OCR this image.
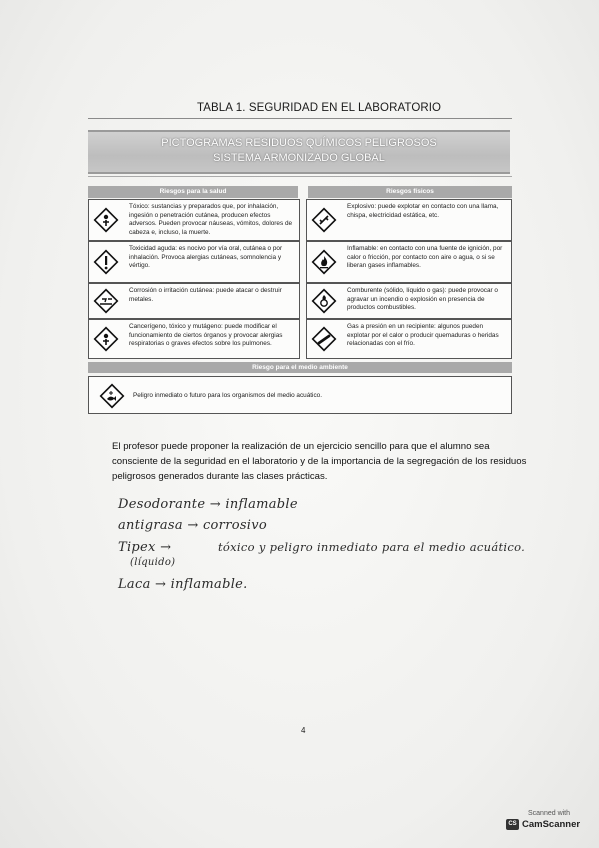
TABLA 1. SEGURIDAD EN EL LABORATORIO
PICTOGRAMAS RESIDUOS QUÍMICOS PELIGROSOS
SISTEMA ARMONIZADO GLOBAL
Riesgos para la salud	Riesgos físicos
Tóxico: sustancias y preparados que, por inhalación, ingesión o penetración cutánea, producen efectos adversos. Pueden provocar náuseas, vómitos, dolores de cabeza e, incluso, la muerte.
Toxicidad aguda: es nocivo por vía oral, cutánea o por inhalación. Provoca alergias cutáneas, somnolencia y vértigo.
Corrosión o irritación cutánea: puede atacar o destruir metales.
Cancerígeno, tóxico y mutágeno: puede modificar el funcionamiento de ciertos órganos y provocar alergias respiratorias o graves efectos sobre los pulmones.
Explosivo: puede explotar en contacto con una llama, chispa, electricidad estática, etc.
Inflamable: en contacto con una fuente de ignición, por calor o fricción, por contacto con aire o agua, o si se liberan gases inflamables.
Comburente (sólido, líquido o gas): puede provocar o agravar un incendio o explosión en presencia de productos combustibles.
Gas a presión en un recipiente: algunos pueden explotar por el calor o producir quemaduras o heridas relacionadas con el frío.
Riesgo para el medio ambiente
Peligro inmediato o futuro para los organismos del medio acuático.
El profesor puede proponer la realización de un ejercicio sencillo para que el alumno sea consciente de la seguridad en el laboratorio y de la importancia de la segregación de los residuos peligrosos generados durante las clases prácticas.
Desodorante → inflamable
antigrasa → corrosivo
Tipex →
(líquido)
tóxico y peligro inmediato para el medio acuático.
Laca → inflamable.
4
Scanned with
CS CamScanner
